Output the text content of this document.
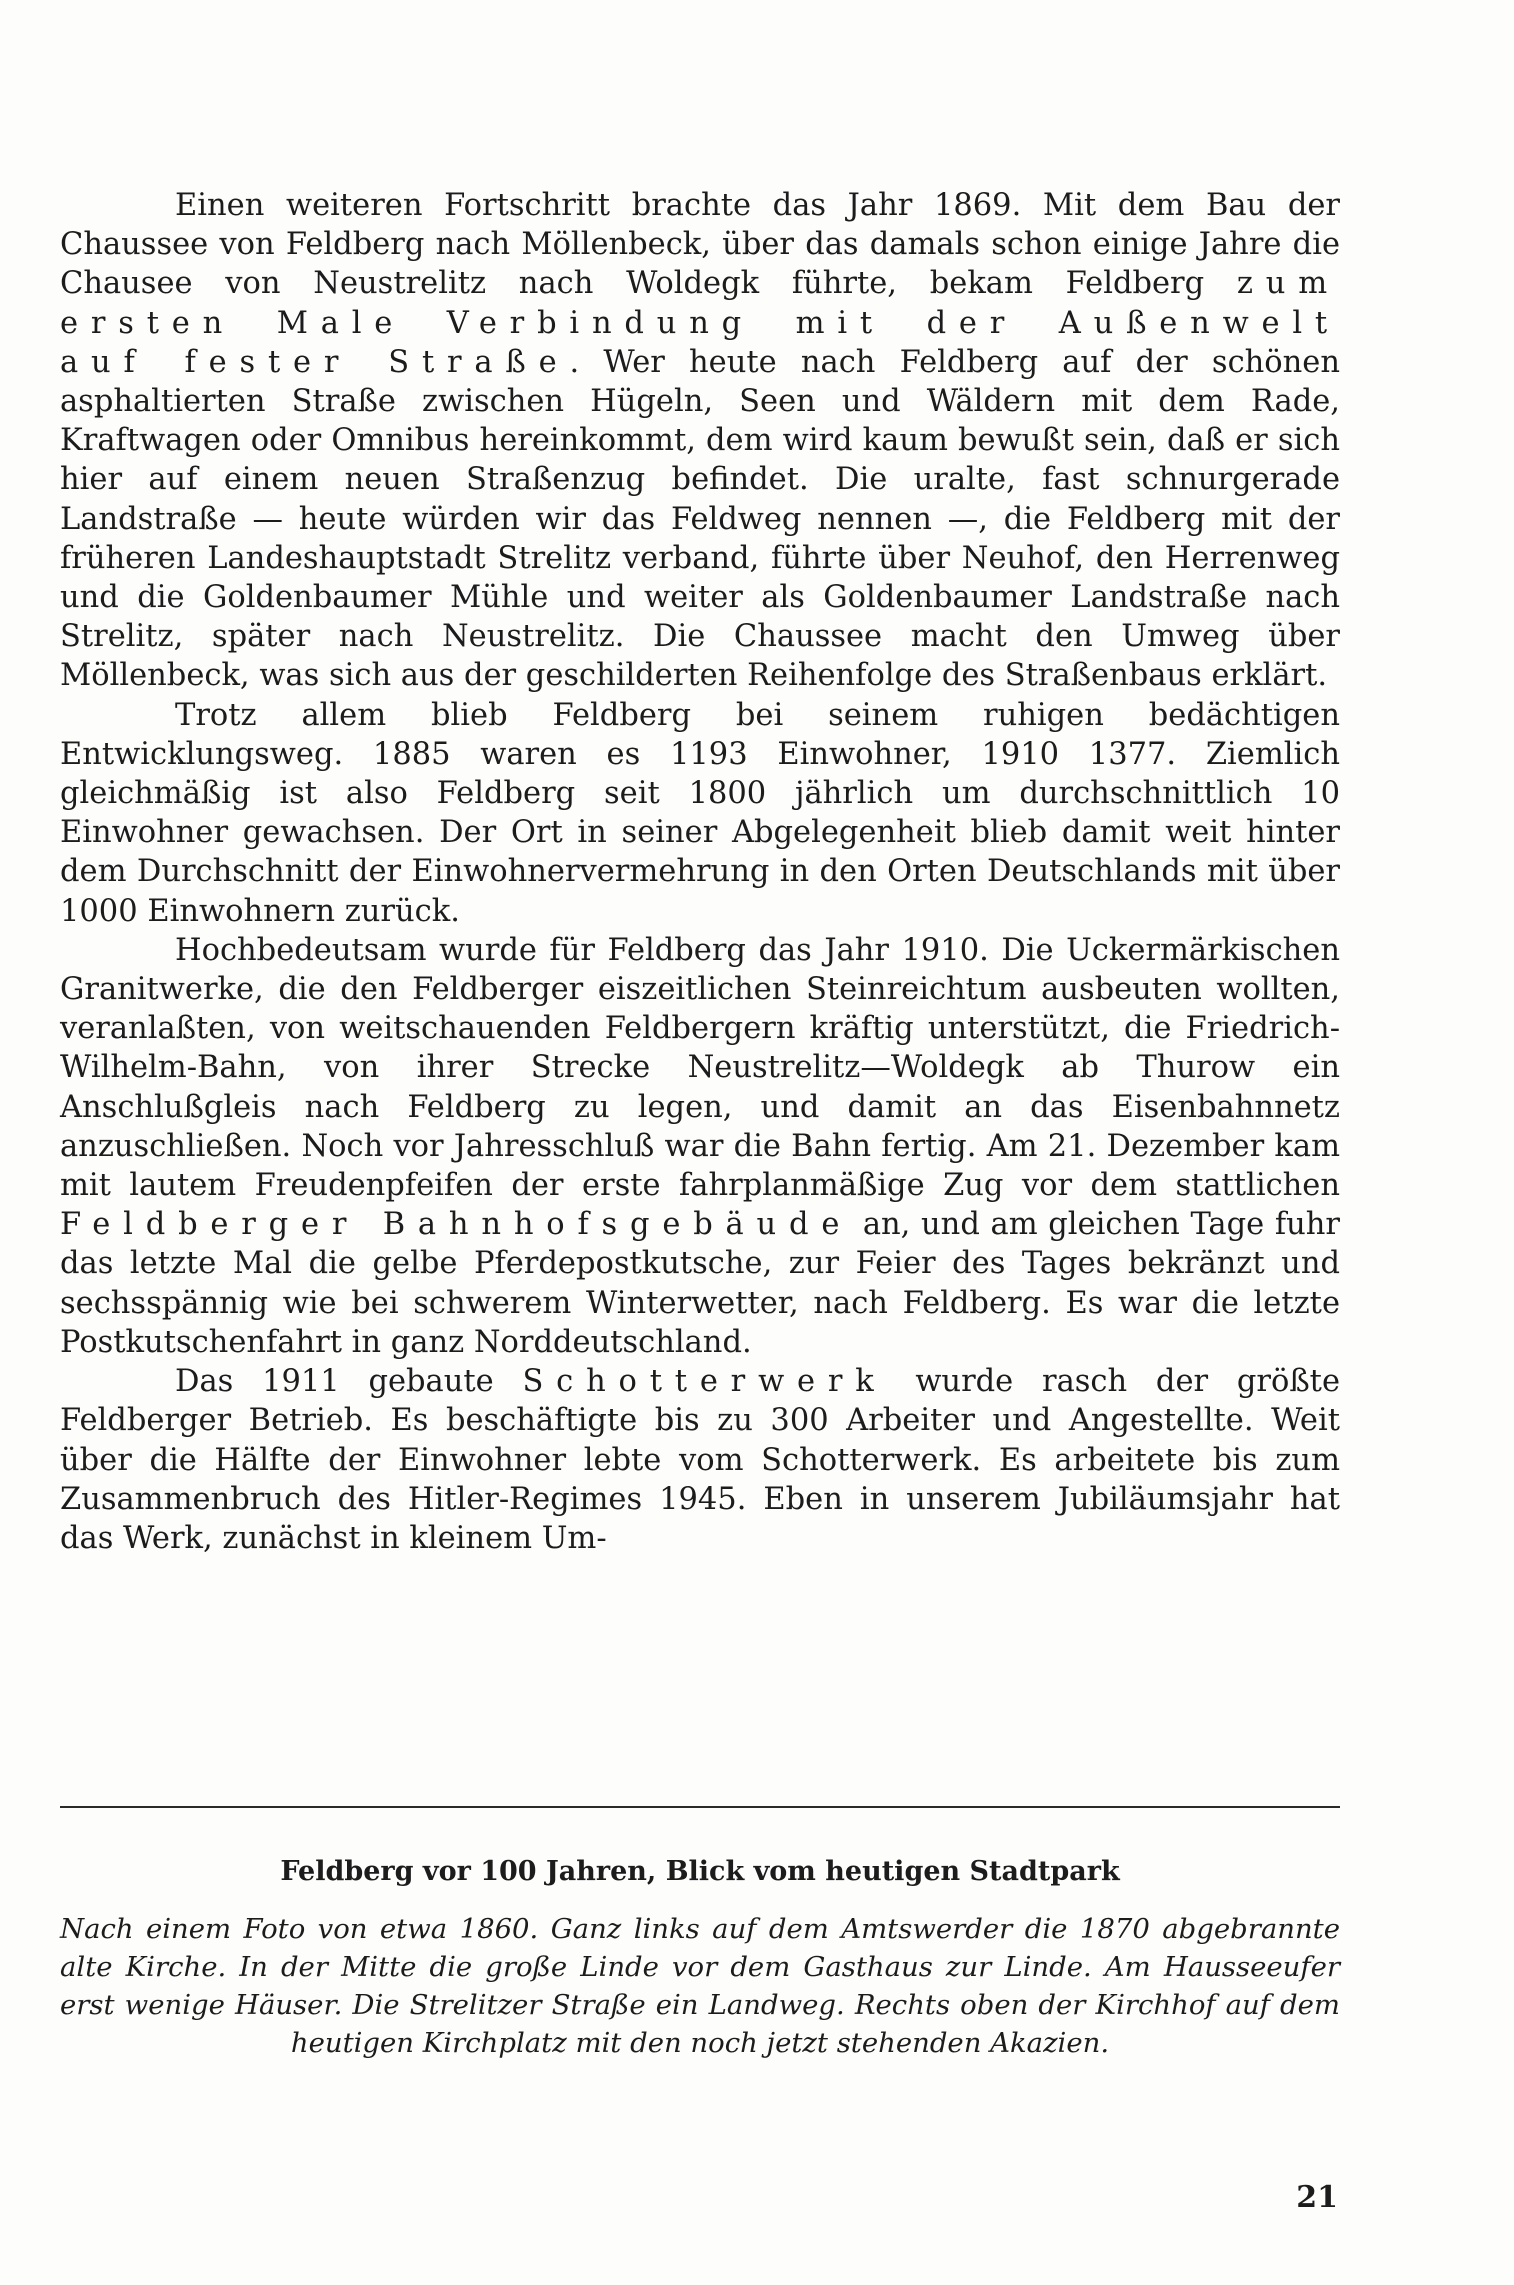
Einen weiteren Fortschritt brachte das Jahr 1869. Mit dem Bau der Chaussee von Feldberg nach Möllenbeck, über das damals schon einige Jahre die Chausee von Neustrelitz nach Woldegk führte, bekam Feldberg zum ersten Male Verbindung mit der Außenwelt auf fester Straße. Wer heute nach Feldberg auf der schönen asphaltierten Straße zwischen Hügeln, Seen und Wäldern mit dem Rade, Kraftwagen oder Omnibus hereinkommt, dem wird kaum bewußt sein, daß er sich hier auf einem neuen Straßenzug befindet. Die uralte, fast schnurgerade Landstraße — heute würden wir das Feldweg nennen —, die Feldberg mit der früheren Landeshauptstadt Strelitz verband, führte über Neuhof, den Herrenweg und die Goldenbaumer Mühle und weiter als Goldenbaumer Landstraße nach Strelitz, später nach Neustrelitz. Die Chaussee macht den Umweg über Möllenbeck, was sich aus der geschilderten Reihenfolge des Straßenbaus erklärt.

Trotz allem blieb Feldberg bei seinem ruhigen bedächtigen Entwicklungsweg. 1885 waren es 1193 Einwohner, 1910 1377. Ziemlich gleichmäßig ist also Feldberg seit 1800 jährlich um durchschnittlich 10 Einwohner gewachsen. Der Ort in seiner Abgelegenheit blieb damit weit hinter dem Durchschnitt der Einwohnervermehrung in den Orten Deutschlands mit über 1000 Einwohnern zurück.

Hochbedeutsam wurde für Feldberg das Jahr 1910. Die Uckermärkischen Granitwerke, die den Feldberger eiszeitlichen Steinreichtum ausbeuten wollten, veranlaßten, von weitschauenden Feldbergern kräftig unterstützt, die Friedrich-Wilhelm-Bahn, von ihrer Strecke Neustrelitz—Woldegk ab Thurow ein Anschlußgleis nach Feldberg zu legen, und damit an das Eisenbahnnetz anzuschließen. Noch vor Jahresschluß war die Bahn fertig. Am 21. Dezember kam mit lautem Freudenpfeifen der erste fahrplanmäßige Zug vor dem stattlichen Feldberger Bahnhofsgebäude an, und am gleichen Tage fuhr das letzte Mal die gelbe Pferdepostkutsche, zur Feier des Tages bekränzt und sechsspännig wie bei schwerem Winterwetter, nach Feldberg. Es war die letzte Postkutschenfahrt in ganz Norddeutschland.

Das 1911 gebaute Schotterwerk wurde rasch der größte Feldberger Betrieb. Es beschäftigte bis zu 300 Arbeiter und Angestellte. Weit über die Hälfte der Einwohner lebte vom Schotterwerk. Es arbeitete bis zum Zusammenbruch des Hitler-Regimes 1945. Eben in unserem Jubiläumsjahr hat das Werk, zunächst in kleinem Um-

Feldberg vor 100 Jahren, Blick vom heutigen Stadtpark
Nach einem Foto von etwa 1860. Ganz links auf dem Amtswerder die 1870 abgebrannte alte Kirche. In der Mitte die große Linde vor dem Gasthaus zur Linde. Am Hausseeufer erst wenige Häuser. Die Strelitzer Straße ein Landweg. Rechts oben der Kirchhof auf dem heutigen Kirchplatz mit den noch jetzt stehenden Akazien.
21
